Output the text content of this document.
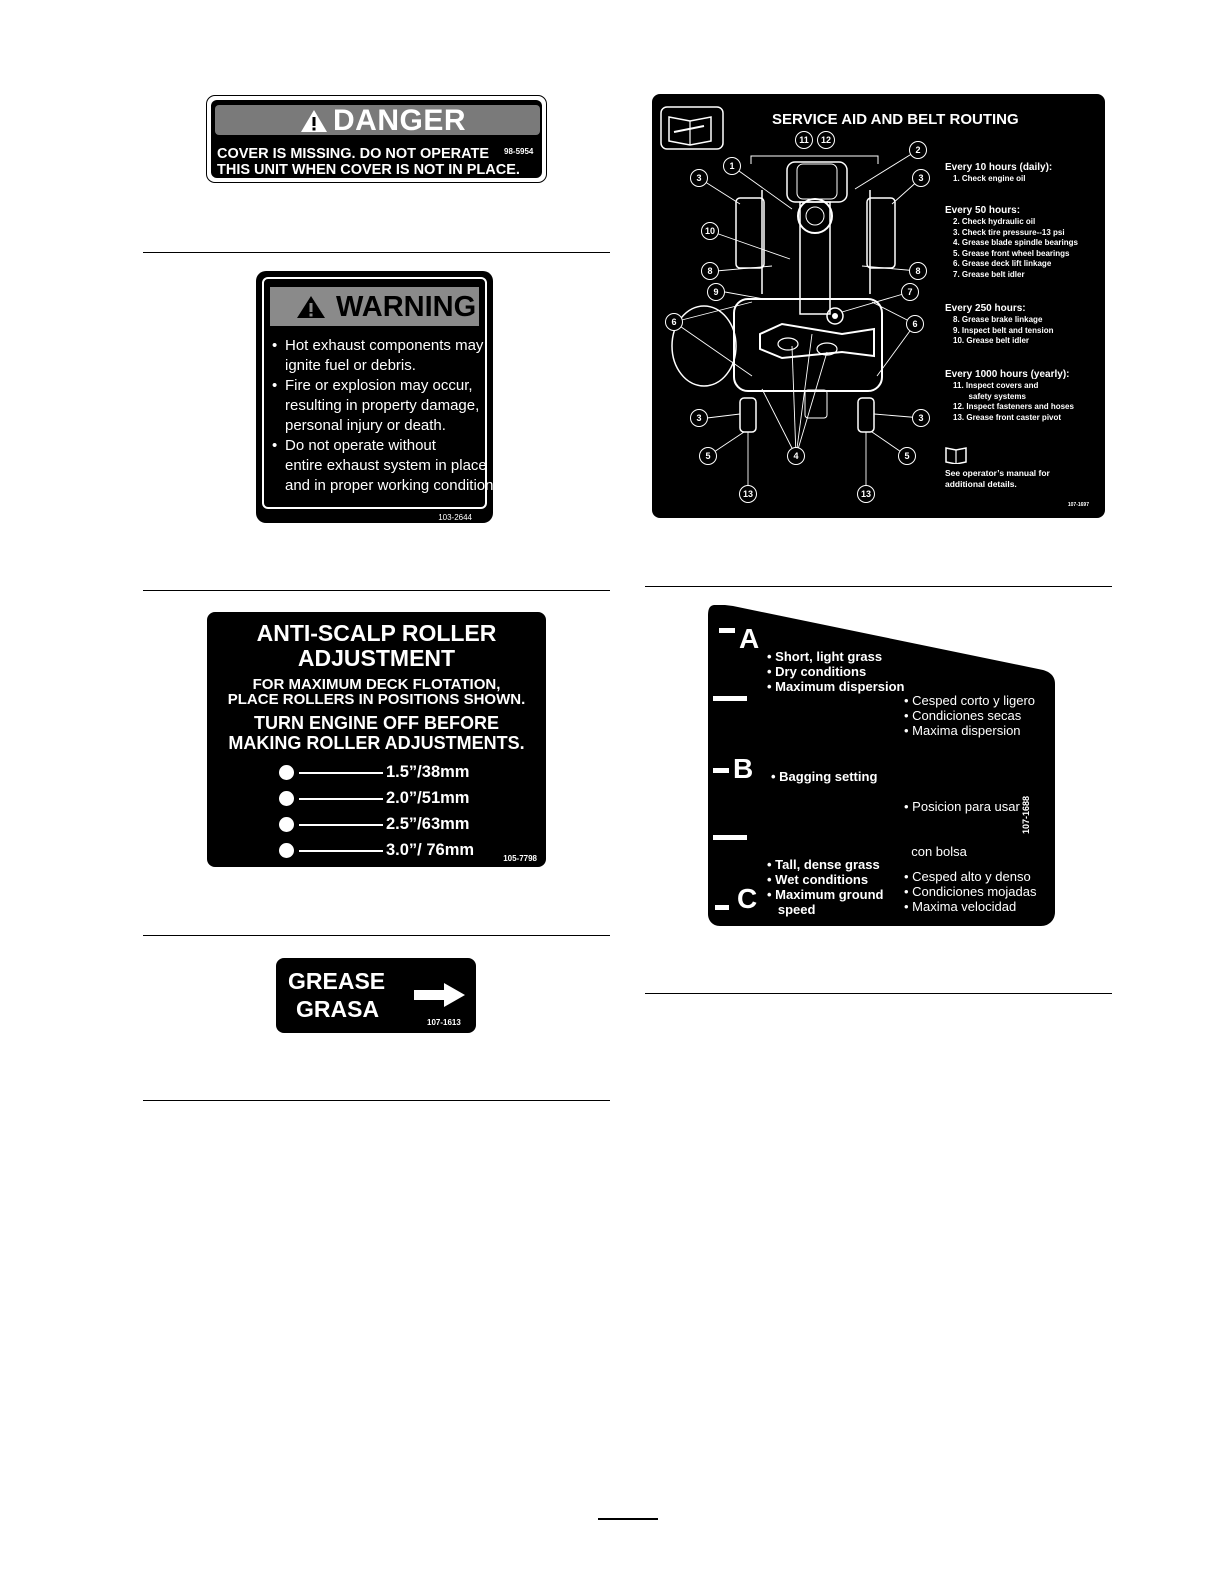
DANGER
COVER IS MISSING. DO NOT OPERATE 98-5954
THIS UNIT WHEN COVER IS NOT IN PLACE.
WARNING
• Hot exhaust components may
ignite fuel or debris.
• Fire or explosion may occur,
resulting in property damage,
personal injury or death.
• Do not operate without
entire exhaust system in place
and in proper working condition.
103-2644
ANTI-SCALP ROLLER
ADJUSTMENT
FOR MAXIMUM DECK FLOTATION,
PLACE ROLLERS IN POSITIONS SHOWN.
TURN ENGINE OFF BEFORE
MAKING ROLLER ADJUSTMENTS.
1.5”/38mm
2.0”/51mm
2.5”/63mm
3.0”/ 76mm	105-7798
GREASE
GRASA
107-1613
SERVICE AID AND BELT ROUTING
1
2
3
3
3
3
4
5	5
6	6
7
8	8
9
10
11	12
13	13
Every 10 hours (daily):
1. Check engine oil
Every 50 hours:
2. Check hydraulic oil
3. Check tire pressure--13 psi
4. Grease blade spindle bearings
5. Grease front wheel bearings
6. Grease deck lift linkage
7. Grease belt idler
Every 250 hours:
8. Grease brake linkage
9. Inspect belt and tension
10. Grease belt idler
Every 1000 hours (yearly):
11. Inspect covers and
safety systems
12. Inspect fasteners and hoses
13. Grease front caster pivot
See operator’s manual for
additional details.
107-1697
A
B
C
• Short, light grass
• Dry conditions
• Maximum dispersion
• Cesped corto y ligero
• Condiciones secas
• Maxima dispersion
• Bagging setting

• Posicion para usar

con bolsa

• Tall, dense grass
• Wet conditions
• Maximum ground
speed
• Cesped alto y denso
• Condiciones mojadas
• Maxima velocidad
107-1688
